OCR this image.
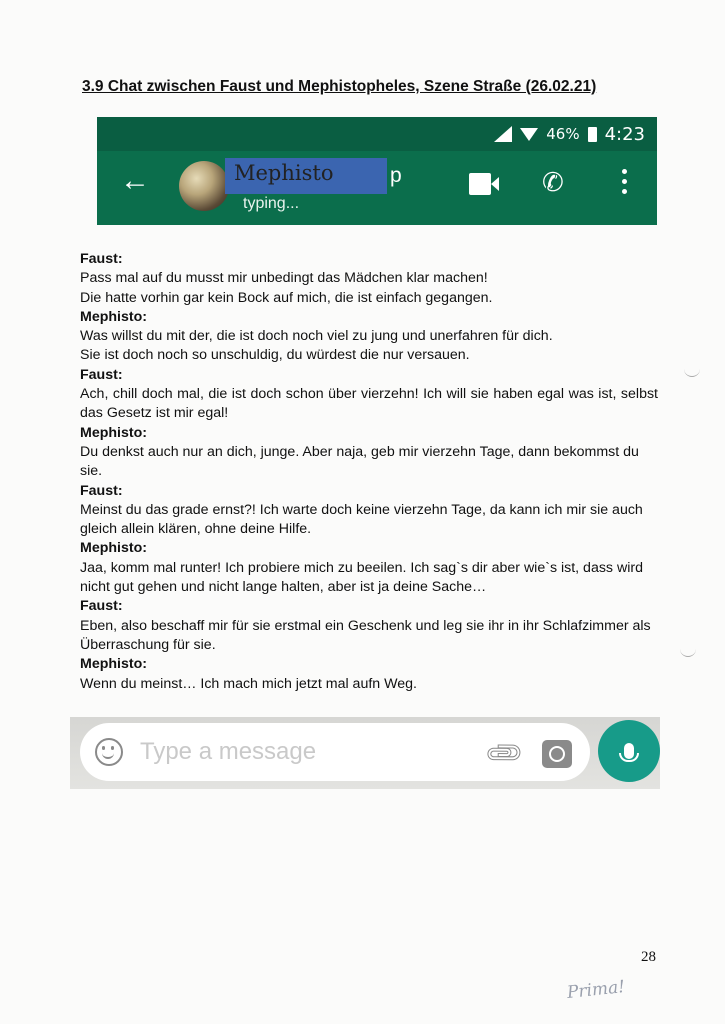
3.9 Chat zwischen Faust und Mephistopheles, Szene Straße (26.02.21)
46% 4:23
←	Mephisto	p
typing...
✆
Faust:
Pass mal auf du musst mir unbedingt das Mädchen klar machen!
Die hatte vorhin gar kein Bock auf mich, die ist einfach gegangen.
Mephisto:
Was willst du mit der, die ist doch noch viel zu jung und unerfahren für dich.
Sie ist doch noch so unschuldig, du würdest die nur versauen.
Faust:
Ach, chill doch mal, die ist doch schon über vierzehn! Ich will sie haben egal was ist, selbst das Gesetz ist mir egal!
Mephisto:
Du denkst auch nur an dich, junge. Aber naja, geb mir vierzehn Tage, dann bekommst du sie.
Faust:
Meinst du das grade ernst?! Ich warte doch keine vierzehn Tage, da kann ich mir sie auch gleich allein klären, ohne deine Hilfe.
Mephisto:
Jaa, komm mal runter! Ich probiere mich zu beeilen. Ich sag`s dir aber wie`s ist, dass wird nicht gut gehen und nicht lange halten, aber ist ja deine Sache…
Faust:
Eben, also beschaff mir für sie erstmal ein Geschenk und leg sie ihr in ihr Schlafzimmer als Überraschung für sie.
Mephisto:
Wenn du meinst… Ich mach mich jetzt mal aufn Weg.
Type a message	📎︎
28
Prima!
